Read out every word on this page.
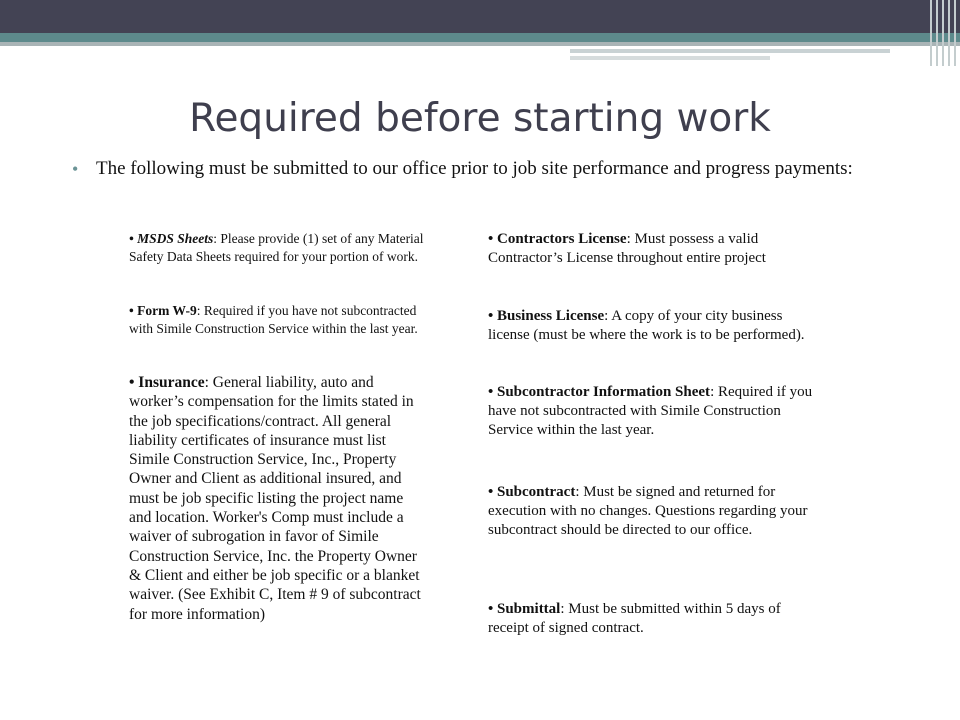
Required before starting work
• The following must be submitted to our office prior to job site performance and progress payments:
• MSDS Sheets: Please provide (1) set of any Material Safety Data Sheets required for your portion of work.
• Form W-9: Required if you have not subcontracted with Simile Construction Service within the last year.
• Insurance: General liability, auto and worker’s compensation for the limits stated in the job specifications/contract. All general liability certificates of insurance must list Simile Construction Service, Inc., Property Owner and Client as additional insured, and must be job specific listing the project name and location. Worker's Comp must include a waiver of subrogation in favor of Simile Construction Service, Inc. the Property Owner & Client and either be job specific or a blanket waiver. (See Exhibit C, Item # 9 of subcontract for more information)
• Contractors License: Must possess a valid Contractor’s License throughout entire project
• Business License: A copy of your city business license (must be where the work is to be performed).
• Subcontractor Information Sheet: Required if you have not subcontracted with Simile Construction Service within the last year.
• Subcontract: Must be signed and returned for execution with no changes. Questions regarding your subcontract should be directed to our office.
• Submittal: Must be submitted within 5 days of receipt of signed contract.
